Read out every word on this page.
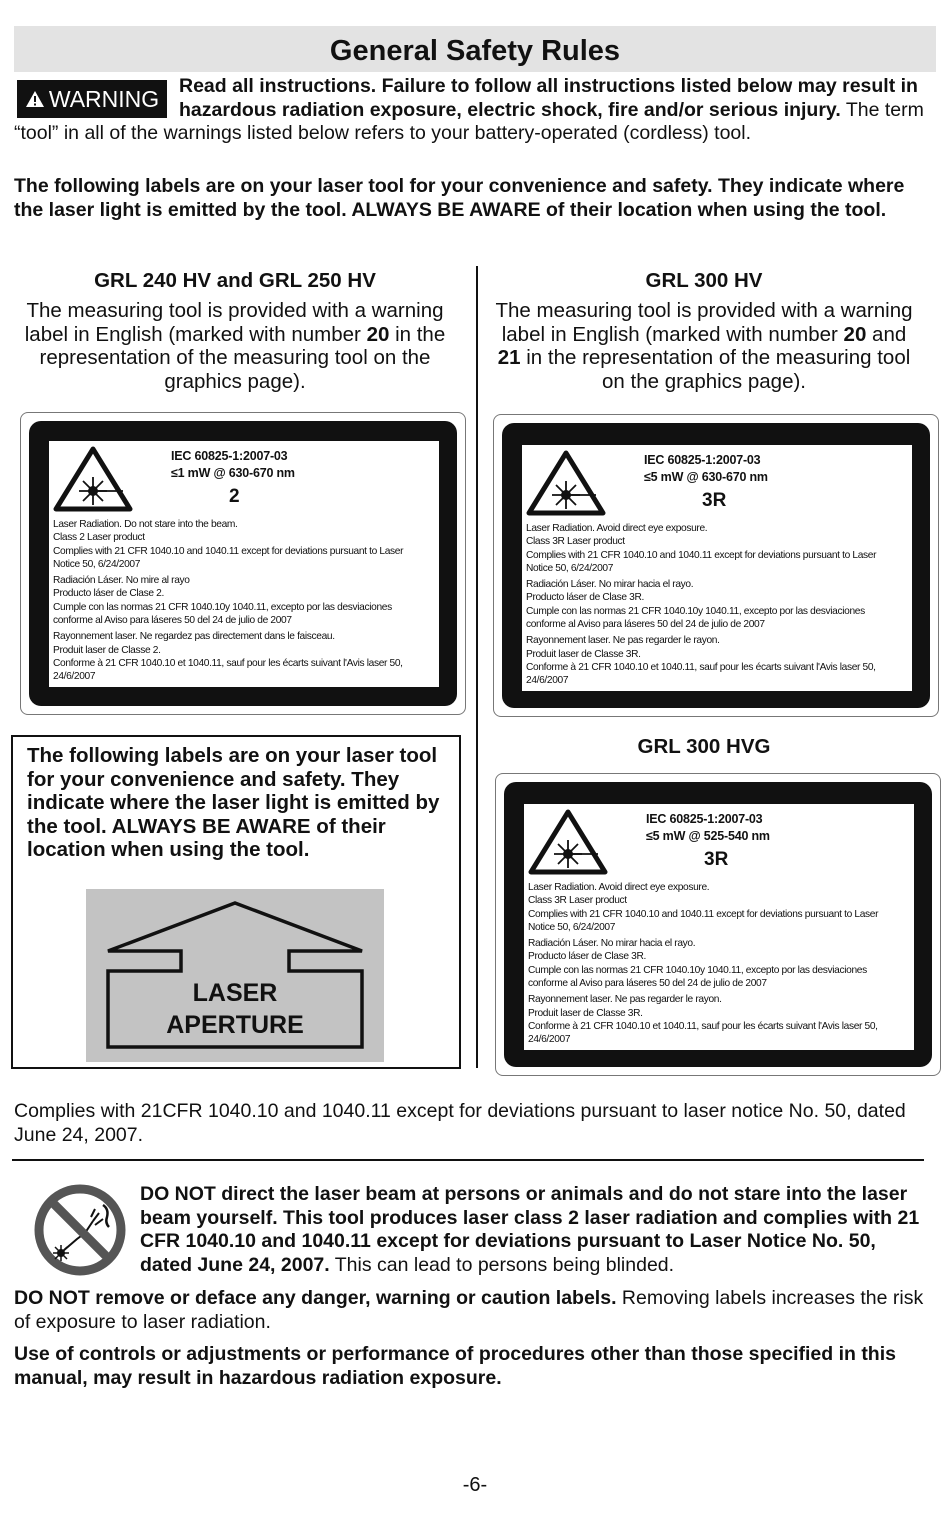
General Safety Rules
WARNING Read all instructions. Failure to follow all instructions listed below may result in hazardous radiation exposure, electric shock, fire and/or serious injury. The term “tool” in all of the warnings listed below refers to your battery-operated (cordless) tool.
The following labels are on your laser tool for your convenience and safety. They indicate where the laser light is emitted by the tool. ALWAYS BE AWARE of their location when using the tool.
GRL 240 HV and GRL 250 HV
The measuring tool is provided with a warning label in English (marked with number 20 in the representation of the measuring tool on the graphics page).
IEC 60825-1:2007-03
≤1 mW @ 630-670 nm
2

Laser Radiation. Do not stare into the beam.

Class 2 Laser product

Complies with 21 CFR 1040.10 and 1040.11 except for deviations pursuant to Laser

Notice 50, 6/24/2007

Radiación Láser. No mire al rayo

Producto láser de Clase 2.

Cumple con las normas 21 CFR 1040.10y 1040.11, excepto por las desviaciones

conforme al Aviso para láseres 50 del 24 de julio de 2007

Rayonnement laser. Ne regardez pas directement dans le faisceau.

Produit laser de Classe 2.

Conforme à 21 CFR 1040.10 et 1040.11, sauf pour les écarts suivant l'Avis laser 50,

24/6/2007

The following labels are on your laser tool for your convenience and safety. They indicate where the laser light is emitted by the tool. ALWAYS BE AWARE of their location when using the tool.
LASER
APERTURE
GRL 300 HV
The measuring tool is provided with a warning label in English (marked with number 20 and 21 in the representation of the measuring tool on the graphics page).
IEC 60825-1:2007-03
≤5 mW @ 630-670 nm
3R

Laser Radiation. Avoid direct eye exposure.

Class 3R Laser product

Complies with 21 CFR 1040.10 and 1040.11 except for deviations pursuant to Laser

Notice 50, 6/24/2007

Radiación Láser. No mirar hacia el rayo.

Producto láser de Clase 3R.

Cumple con las normas 21 CFR 1040.10y 1040.11, excepto por las desviaciones

conforme al Aviso para láseres 50 del 24 de julio de 2007

Rayonnement laser. Ne pas regarder le rayon.

Produit laser de Classe 3R.

Conforme à 21 CFR 1040.10 et 1040.11, sauf pour les écarts suivant l'Avis laser 50,

24/6/2007

GRL 300 HVG
IEC 60825-1:2007-03
≤5 mW @ 525-540 nm
3R

Laser Radiation. Avoid direct eye exposure.

Class 3R Laser product

Complies with 21 CFR 1040.10 and 1040.11 except for deviations pursuant to Laser

Notice 50, 6/24/2007

Radiación Láser. No mirar hacia el rayo.

Producto láser de Clase 3R.

Cumple con las normas 21 CFR 1040.10y 1040.11, excepto por las desviaciones

conforme al Aviso para láseres 50 del 24 de julio de 2007

Rayonnement laser. Ne pas regarder le rayon.

Produit laser de Classe 3R.

Conforme à 21 CFR 1040.10 et 1040.11, sauf pour les écarts suivant l'Avis laser 50,

24/6/2007

Complies with 21CFR 1040.10 and 1040.11 except for deviations pursuant to laser notice No. 50, dated June 24, 2007.
DO NOT direct the laser beam at persons or animals and do not stare into the laser beam yourself. This tool produces laser class 2 laser radiation and complies with 21 CFR 1040.10 and 1040.11 except for deviations pursuant to Laser Notice No. 50, dated June 24, 2007. This can lead to persons being blinded.
DO NOT remove or deface any danger, warning or caution labels. Removing labels increases the risk of exposure to laser radiation.
Use of controls or adjustments or performance of procedures other than those specified in this manual, may result in hazardous radiation exposure.
-6-
